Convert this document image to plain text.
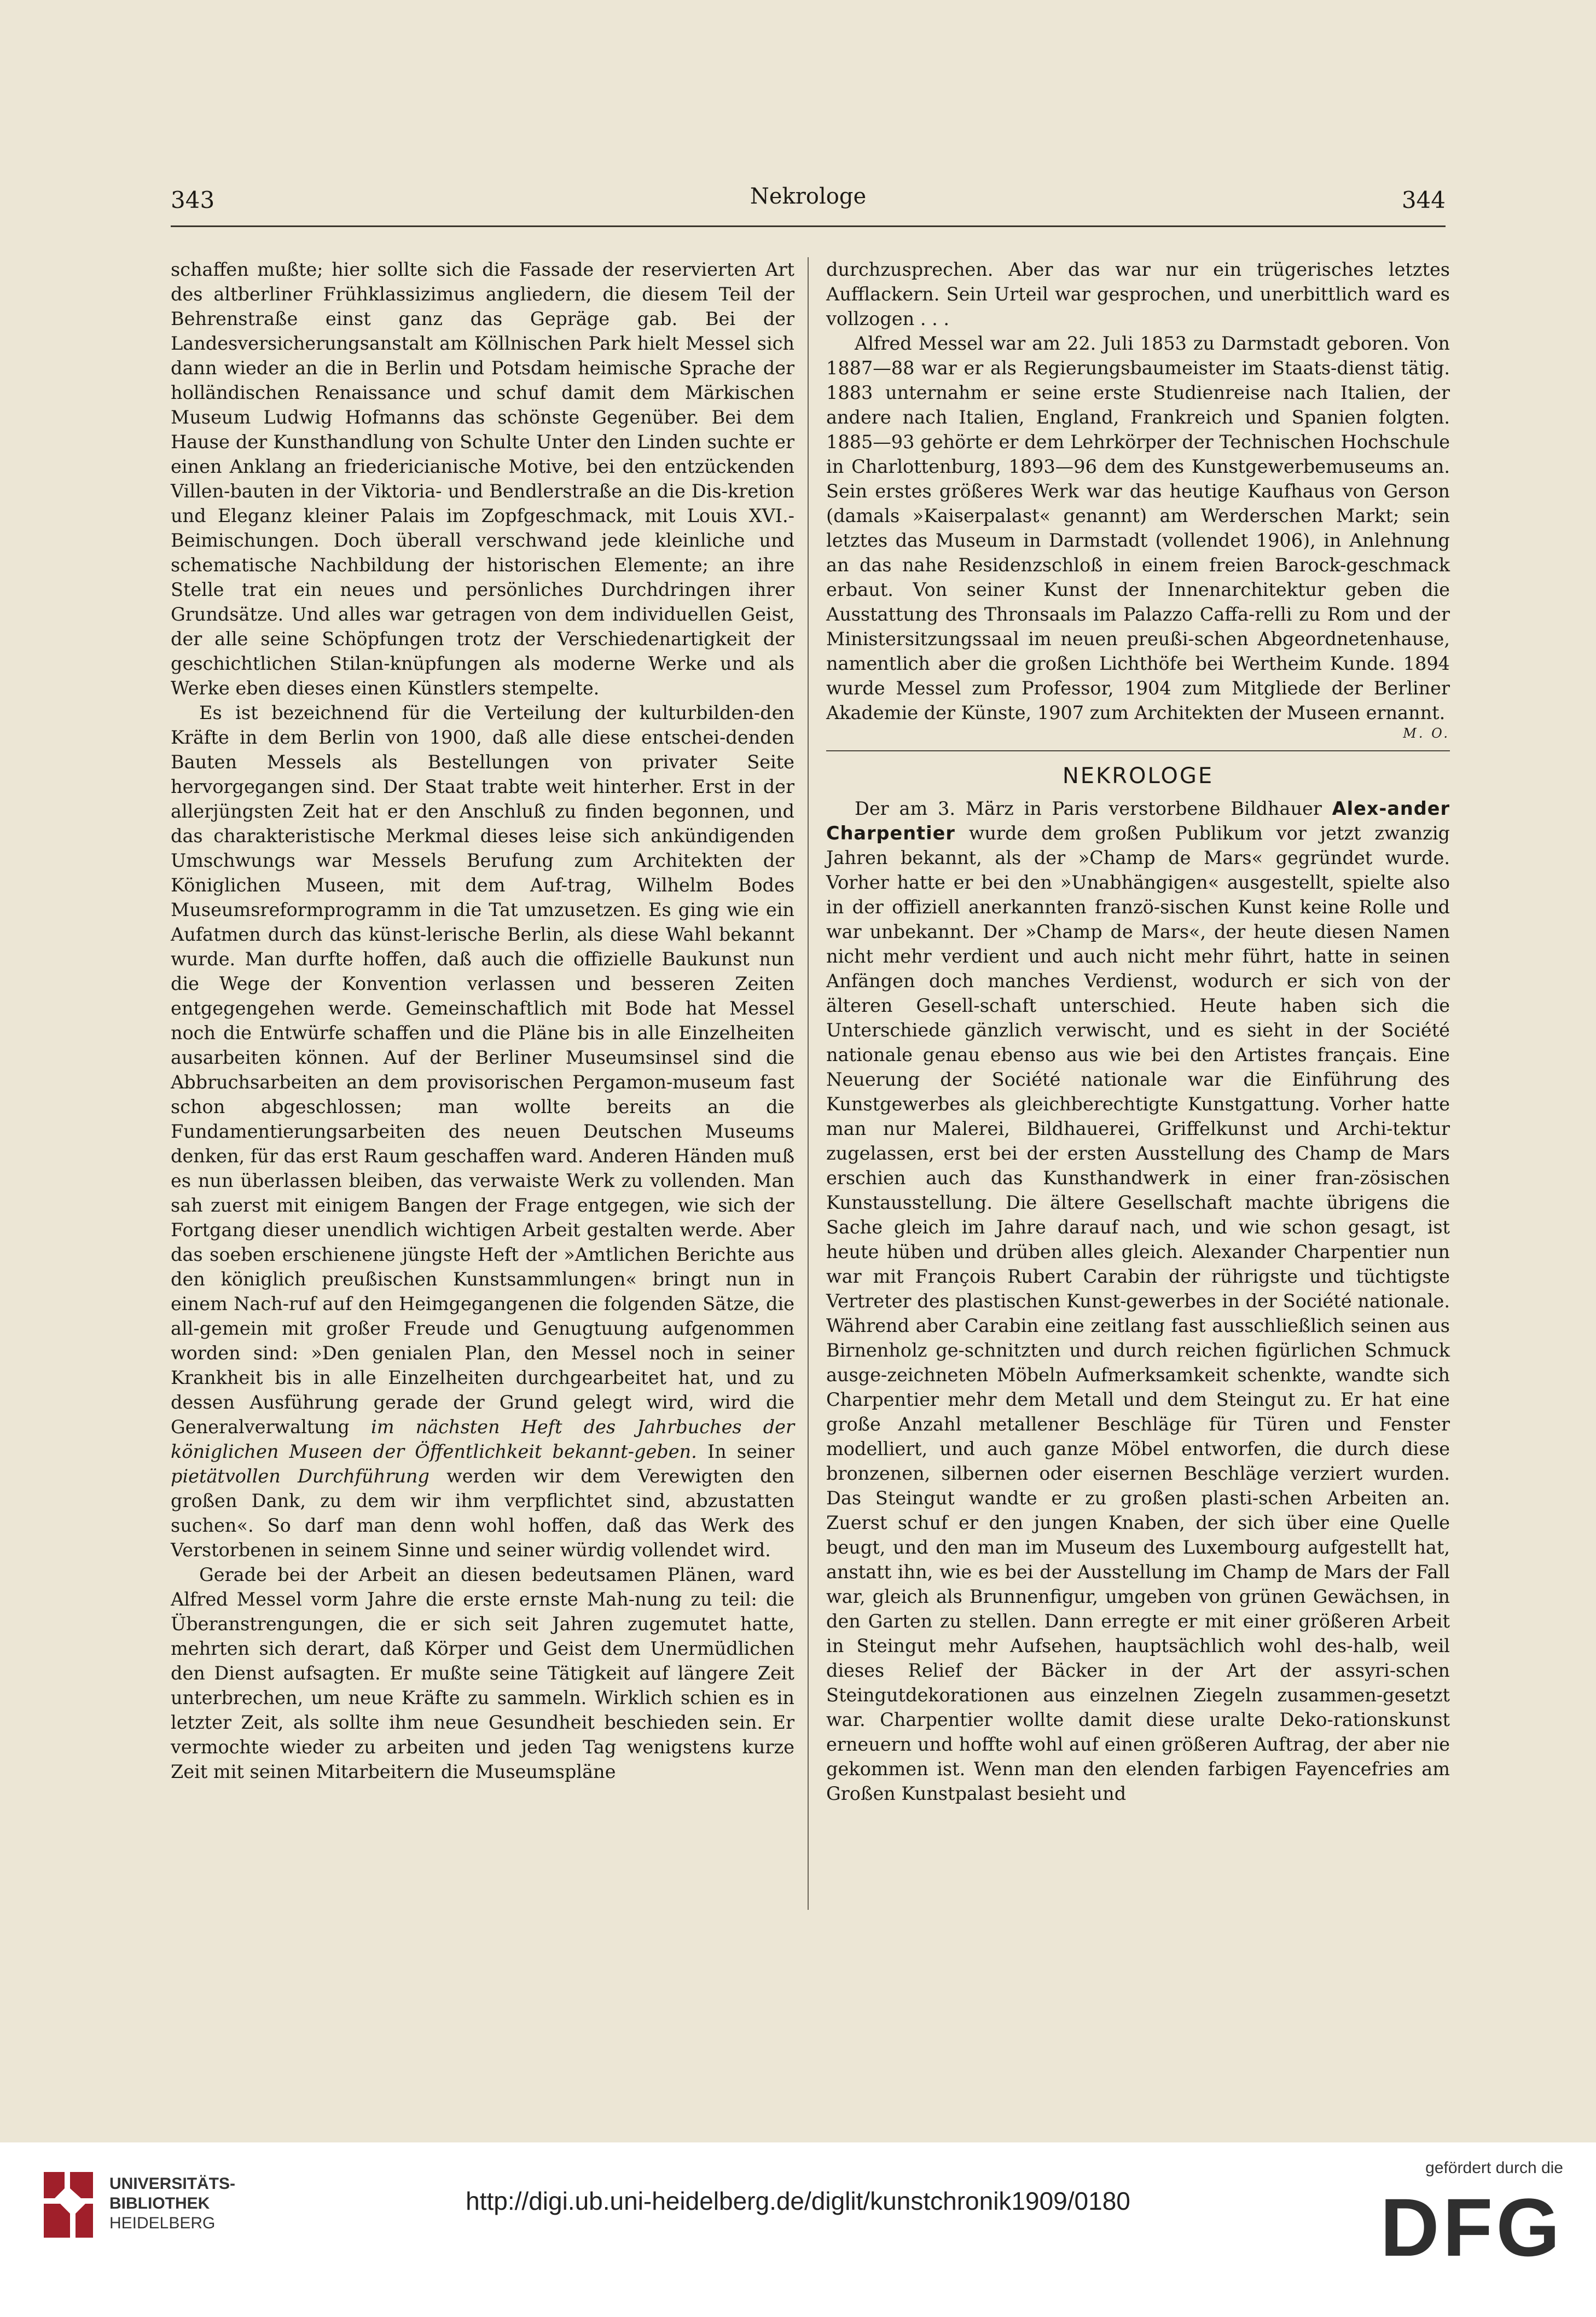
343	Nekrologe	344

schaffen mußte; hier sollte sich die Fassade der reservierten Art des altberliner Frühklassizimus angliedern, die diesem Teil der Behrenstraße einst ganz das Gepräge gab. Bei der Landesversicherungsanstalt am Köllnischen Park hielt Messel sich dann wieder an die in Berlin und Potsdam heimische Sprache der holländischen Renaissance und schuf damit dem Märkischen Museum Ludwig Hofmanns das schönste Gegenüber. Bei dem Hause der Kunsthandlung von Schulte Unter den Linden suchte er einen Anklang an friedericianische Motive, bei den entzückenden Villen-bauten in der Viktoria- und Bendlerstraße an die Dis-kretion und Eleganz kleiner Palais im Zopfgeschmack, mit Louis XVI.-Beimischungen. Doch überall verschwand jede kleinliche und schematische Nachbildung der historischen Elemente; an ihre Stelle trat ein neues und persönliches Durchdringen ihrer Grundsätze. Und alles war getragen von dem individuellen Geist, der alle seine Schöpfungen trotz der Verschiedenartigkeit der geschichtlichen Stilan-knüpfungen als moderne Werke und als Werke eben dieses einen Künstlers stempelte.

Es ist bezeichnend für die Verteilung der kulturbilden-den Kräfte in dem Berlin von 1900, daß alle diese entschei-denden Bauten Messels als Bestellungen von privater Seite hervorgegangen sind. Der Staat trabte weit hinterher. Erst in der allerjüngsten Zeit hat er den Anschluß zu finden begonnen, und das charakteristische Merkmal dieses leise sich ankündigenden Umschwungs war Messels Berufung zum Architekten der Königlichen Museen, mit dem Auf-trag, Wilhelm Bodes Museumsreformprogramm in die Tat umzusetzen. Es ging wie ein Aufatmen durch das künst-lerische Berlin, als diese Wahl bekannt wurde. Man durfte hoffen, daß auch die offizielle Baukunst nun die Wege der Konvention verlassen und besseren Zeiten entgegengehen werde. Gemeinschaftlich mit Bode hat Messel noch die Entwürfe schaffen und die Pläne bis in alle Einzelheiten ausarbeiten können. Auf der Berliner Museumsinsel sind die Abbruchsarbeiten an dem provisorischen Pergamon-museum fast schon abgeschlossen; man wollte bereits an die Fundamentierungsarbeiten des neuen Deutschen Museums denken, für das erst Raum geschaffen ward. Anderen Händen muß es nun überlassen bleiben, das verwaiste Werk zu vollenden. Man sah zuerst mit einigem Bangen der Frage entgegen, wie sich der Fortgang dieser unendlich wichtigen Arbeit gestalten werde. Aber das soeben erschienene jüngste Heft der »Amtlichen Berichte aus den königlich preußischen Kunstsammlungen« bringt nun in einem Nach-ruf auf den Heimgegangenen die folgenden Sätze, die all-gemein mit großer Freude und Genugtuung aufgenommen worden sind: »Den genialen Plan, den Messel noch in seiner Krankheit bis in alle Einzelheiten durchgearbeitet hat, und zu dessen Ausführung gerade der Grund gelegt wird, wird die Generalverwaltung im nächsten Heft des Jahrbuches der königlichen Museen der Öffentlichkeit bekannt-geben. In seiner pietätvollen Durchführung werden wir dem Verewigten den großen Dank, zu dem wir ihm verpflichtet sind, abzustatten suchen«. So darf man denn wohl hoffen, daß das Werk des Verstorbenen in seinem Sinne und seiner würdig vollendet wird.

Gerade bei der Arbeit an diesen bedeutsamen Plänen, ward Alfred Messel vorm Jahre die erste ernste Mah-nung zu teil: die Überanstrengungen, die er sich seit Jahren zugemutet hatte, mehrten sich derart, daß Körper und Geist dem Unermüdlichen den Dienst aufsagten. Er mußte seine Tätigkeit auf längere Zeit unterbrechen, um neue Kräfte zu sammeln. Wirklich schien es in letzter Zeit, als sollte ihm neue Gesundheit beschieden sein. Er vermochte wieder zu arbeiten und jeden Tag wenigstens kurze Zeit mit seinen Mitarbeitern die Museumspläne

durchzusprechen. Aber das war nur ein trügerisches letztes Aufflackern. Sein Urteil war gesprochen, und unerbittlich ward es vollzogen . . .

Alfred Messel war am 22. Juli 1853 zu Darmstadt geboren. Von 1887—88 war er als Regierungsbaumeister im Staats-dienst tätig. 1883 unternahm er seine erste Studienreise nach Italien, der andere nach Italien, England, Frankreich und Spanien folgten. 1885—93 gehörte er dem Lehrkörper der Technischen Hochschule in Charlottenburg, 1893—96 dem des Kunstgewerbemuseums an. Sein erstes größeres Werk war das heutige Kaufhaus von Gerson (damals »Kaiserpalast« genannt) am Werderschen Markt; sein letztes das Museum in Darmstadt (vollendet 1906), in Anlehnung an das nahe Residenzschloß in einem freien Barock-geschmack erbaut. Von seiner Kunst der Innenarchitektur geben die Ausstattung des Thronsaals im Palazzo Caffa-relli zu Rom und der Ministersitzungssaal im neuen preußi-schen Abgeordnetenhause, namentlich aber die großen Lichthöfe bei Wertheim Kunde. 1894 wurde Messel zum Professor, 1904 zum Mitgliede der Berliner Akademie der Künste, 1907 zum Architekten der Museen ernannt.

M. O.

NEKROLOGE

Der am 3. März in Paris verstorbene Bildhauer Alex-ander Charpentier wurde dem großen Publikum vor jetzt zwanzig Jahren bekannt, als der »Champ de Mars« gegründet wurde. Vorher hatte er bei den »Unabhängigen« ausgestellt, spielte also in der offiziell anerkannten franzö-sischen Kunst keine Rolle und war unbekannt. Der »Champ de Mars«, der heute diesen Namen nicht mehr verdient und auch nicht mehr führt, hatte in seinen Anfängen doch manches Verdienst, wodurch er sich von der älteren Gesell-schaft unterschied. Heute haben sich die Unterschiede gänzlich verwischt, und es sieht in der Société nationale genau ebenso aus wie bei den Artistes français. Eine Neuerung der Société nationale war die Einführung des Kunstgewerbes als gleichberechtigte Kunstgattung. Vorher hatte man nur Malerei, Bildhauerei, Griffelkunst und Archi-tektur zugelassen, erst bei der ersten Ausstellung des Champ de Mars erschien auch das Kunsthandwerk in einer fran-zösischen Kunstausstellung. Die ältere Gesellschaft machte übrigens die Sache gleich im Jahre darauf nach, und wie schon gesagt, ist heute hüben und drüben alles gleich. Alexander Charpentier nun war mit François Rubert Carabin der rührigste und tüchtigste Vertreter des plastischen Kunst-gewerbes in der Société nationale. Während aber Carabin eine zeitlang fast ausschließlich seinen aus Birnenholz ge-schnitzten und durch reichen figürlichen Schmuck ausge-zeichneten Möbeln Aufmerksamkeit schenkte, wandte sich Charpentier mehr dem Metall und dem Steingut zu. Er hat eine große Anzahl metallener Beschläge für Türen und Fenster modelliert, und auch ganze Möbel entworfen, die durch diese bronzenen, silbernen oder eisernen Beschläge verziert wurden. Das Steingut wandte er zu großen plasti-schen Arbeiten an. Zuerst schuf er den jungen Knaben, der sich über eine Quelle beugt, und den man im Museum des Luxembourg aufgestellt hat, anstatt ihn, wie es bei der Ausstellung im Champ de Mars der Fall war, gleich als Brunnenfigur, umgeben von grünen Gewächsen, in den Garten zu stellen. Dann erregte er mit einer größeren Arbeit in Steingut mehr Aufsehen, hauptsächlich wohl des-halb, weil dieses Relief der Bäcker in der Art der assyri-schen Steingutdekorationen aus einzelnen Ziegeln zusammen-gesetzt war. Charpentier wollte damit diese uralte Deko-rationskunst erneuern und hoffte wohl auf einen größeren Auftrag, der aber nie gekommen ist. Wenn man den elenden farbigen Fayencefries am Großen Kunstpalast besieht und

UNIVERSITÄTS-
BIBLIOTHEK
HEIDELBERG
http://digi.ub.uni-heidelberg.de/diglit/kunstchronik1909/0180
gefördert durch die
DFG
